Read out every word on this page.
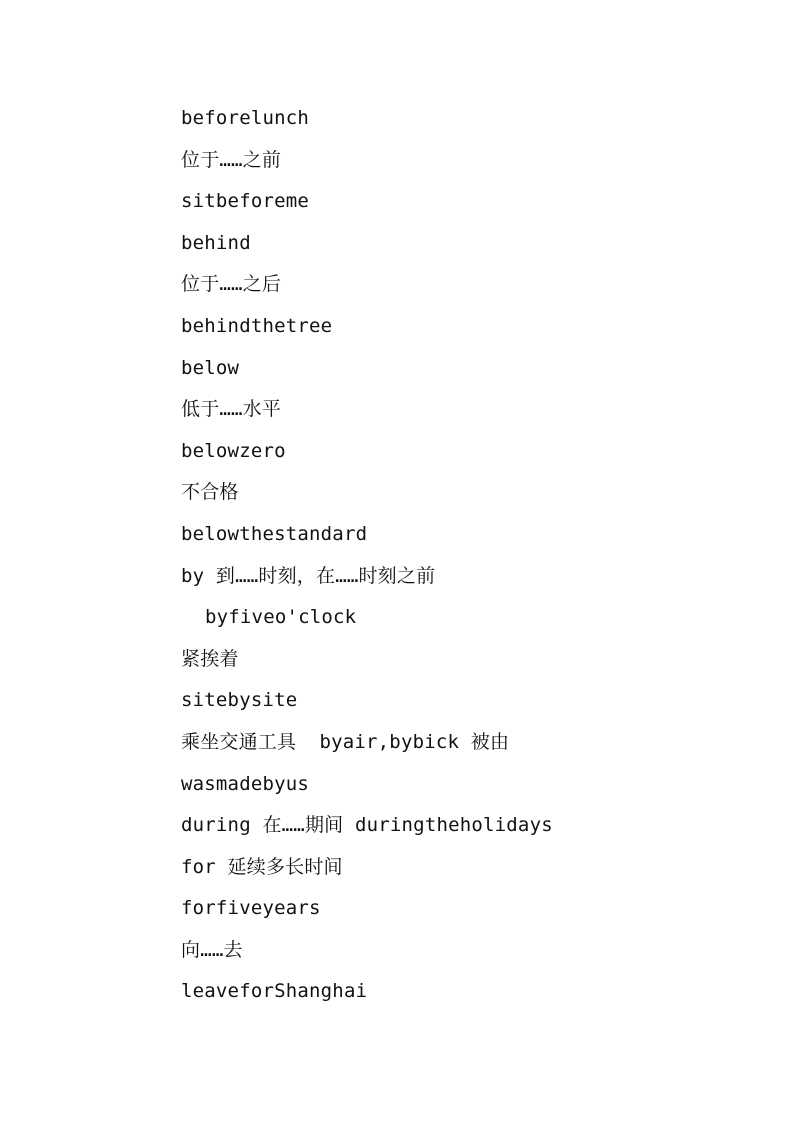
beforelunch
位于……之前
sitbeforeme
behind
位于……之后
behindthetree
below
低于……水平
belowzero
不合格
belowthestandard
by 到……时刻，在……时刻之前
byfiveo'clock
紧挨着
sitebysite
乘坐交通工具  byair,bybick 被由
wasmadebyus
during 在……期间 duringtheholidays
for 延续多长时间
forfiveyears
向……去
leaveforShanghai
